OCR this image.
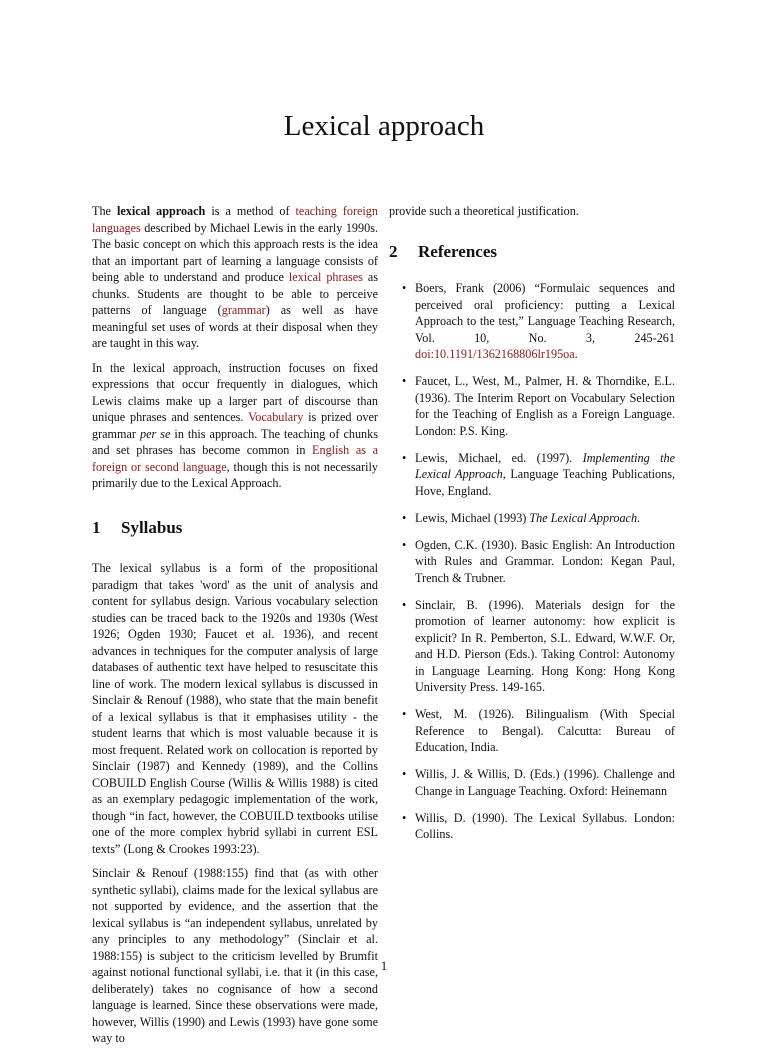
Lexical approach

The lexical approach is a method of teaching foreign languages described by Michael Lewis in the early 1990s. The basic concept on which this approach rests is the idea that an important part of learning a language consists of being able to understand and produce lexical phrases as chunks. Students are thought to be able to perceive patterns of language (grammar) as well as have meaningful set uses of words at their disposal when they are taught in this way.

In the lexical approach, instruction focuses on fixed expressions that occur frequently in dialogues, which Lewis claims make up a larger part of discourse than unique phrases and sentences. Vocabulary is prized over grammar per se in this approach. The teaching of chunks and set phrases has become common in English as a foreign or second language, though this is not necessarily primarily due to the Lexical Approach.

1 Syllabus

The lexical syllabus is a form of the propositional paradigm that takes 'word' as the unit of analysis and content for syllabus design. Various vocabulary selection studies can be traced back to the 1920s and 1930s (West 1926; Ogden 1930; Faucet et al. 1936), and recent advances in techniques for the computer analysis of large databases of authentic text have helped to resuscitate this line of work. The modern lexical syllabus is discussed in Sinclair & Renouf (1988), who state that the main benefit of a lexical syllabus is that it emphasises utility - the student learns that which is most valuable because it is most frequent. Related work on collocation is reported by Sinclair (1987) and Kennedy (1989), and the Collins COBUILD English Course (Willis & Willis 1988) is cited as an exemplary pedagogic implementation of the work, though “in fact, however, the COBUILD textbooks utilise one of the more complex hybrid syllabi in current ESL texts” (Long & Crookes 1993:23).

Sinclair & Renouf (1988:155) find that (as with other synthetic syllabi), claims made for the lexical syllabus are not supported by evidence, and the assertion that the lexical syllabus is “an independent syllabus, unrelated by any principles to any methodology” (Sinclair et al. 1988:155) is subject to the criticism levelled by Brumfit against notional functional syllabi, i.e. that it (in this case, deliberately) takes no cognisance of how a second language is learned. Since these observations were made, however, Willis (1990) and Lewis (1993) have gone some way to

provide such a theoretical justification.

2 References
• Boers, Frank (2006) “Formulaic sequences and perceived oral proficiency: putting a Lexical Approach to the test,” Language Teaching Research, Vol. 10, No. 3, 245-261 doi:10.1191/1362168806lr195oa.
• Faucet, L., West, M., Palmer, H. & Thorndike, E.L. (1936). The Interim Report on Vocabulary Selection for the Teaching of English as a Foreign Language. London: P.S. King.
• Lewis, Michael, ed. (1997). Implementing the Lexical Approach, Language Teaching Publications, Hove, England.
• Lewis, Michael (1993) The Lexical Approach.
• Ogden, C.K. (1930). Basic English: An Introduction with Rules and Grammar. London: Kegan Paul, Trench & Trubner.
• Sinclair, B. (1996). Materials design for the promotion of learner autonomy: how explicit is explicit? In R. Pemberton, S.L. Edward, W.W.F. Or, and H.D. Pierson (Eds.). Taking Control: Autonomy in Language Learning. Hong Kong: Hong Kong University Press. 149-165.
• West, M. (1926). Bilingualism (With Special Reference to Bengal). Calcutta: Bureau of Education, India.
• Willis, J. & Willis, D. (Eds.) (1996). Challenge and Change in Language Teaching. Oxford: Heinemann
• Willis, D. (1990). The Lexical Syllabus. London: Collins.
1
